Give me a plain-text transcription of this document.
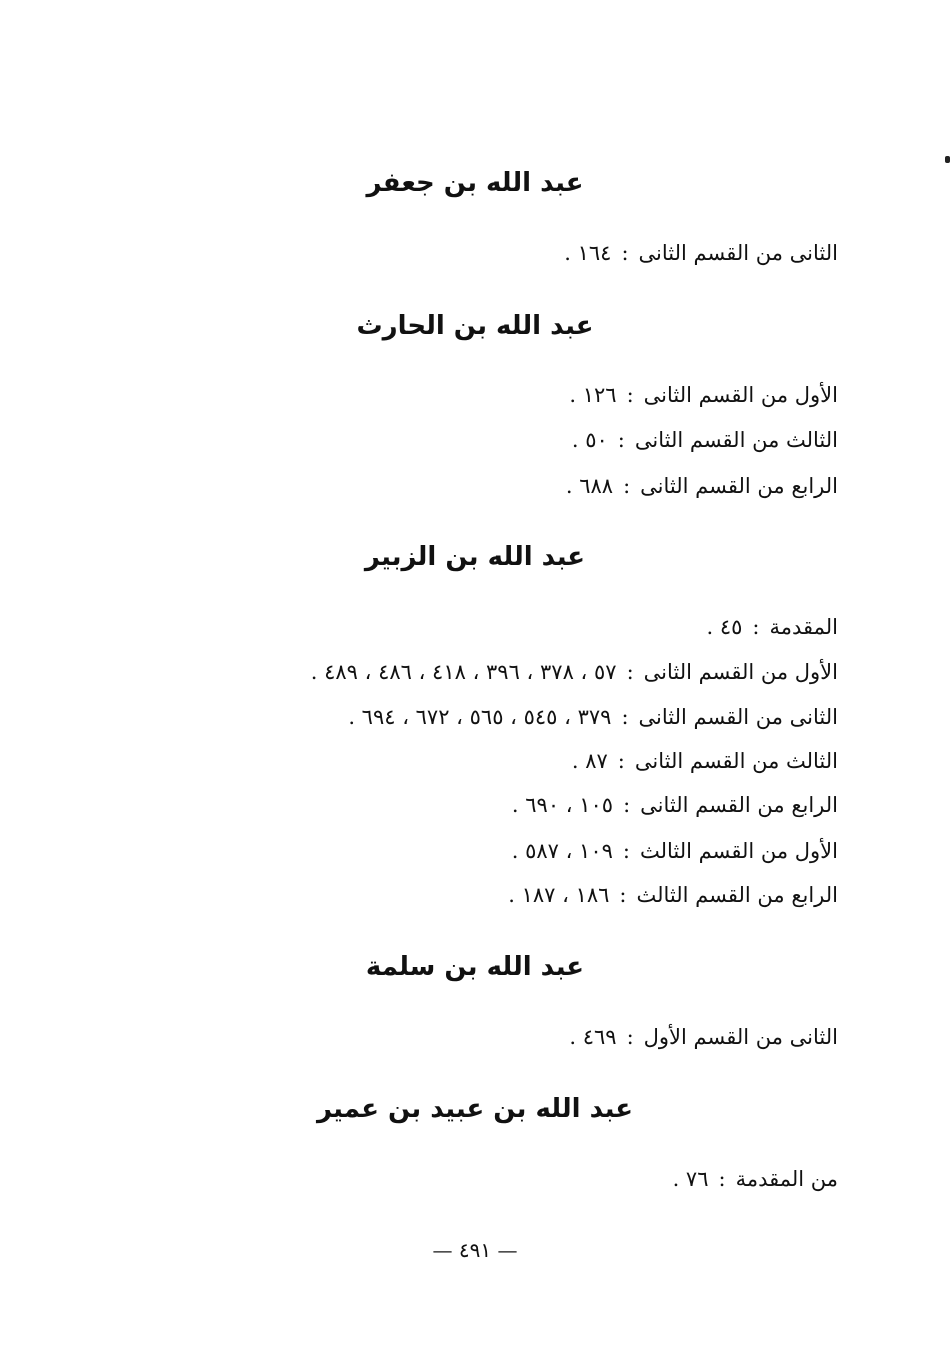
عبد الله بن جعفر
الثانى من القسم الثانى:١٦٤ .
عبد الله بن الحارث
الأول من القسم الثانى:١٢٦ .
الثالث من القسم الثانى:٥٠ .
الرابع من القسم الثانى:٦٨٨ .
عبد الله بن الزبير
المقدمة:٤٥ .
الأول من القسم الثانى:٥٧ ، ٣٧٨ ، ٣٩٦ ، ٤١٨ ، ٤٨٦ ، ٤٨٩ .
الثانى من القسم الثانى:٣٧٩ ، ٥٤٥ ، ٥٦٥ ، ٦٧٢ ، ٦٩٤ .
الثالث من القسم الثانى:٨٧ .
الرابع من القسم الثانى:١٠٥ ، ٦٩٠ .
الأول من القسم الثالث:١٠٩ ، ٥٨٧ .
الرابع من القسم الثالث:١٨٦ ، ١٨٧ .
عبد الله بن سلمة
الثانى من القسم الأول:٤٦٩ .
عبد الله بن عبيد بن عمير
من المقدمة:٧٦ .
— ٤٩١ —
